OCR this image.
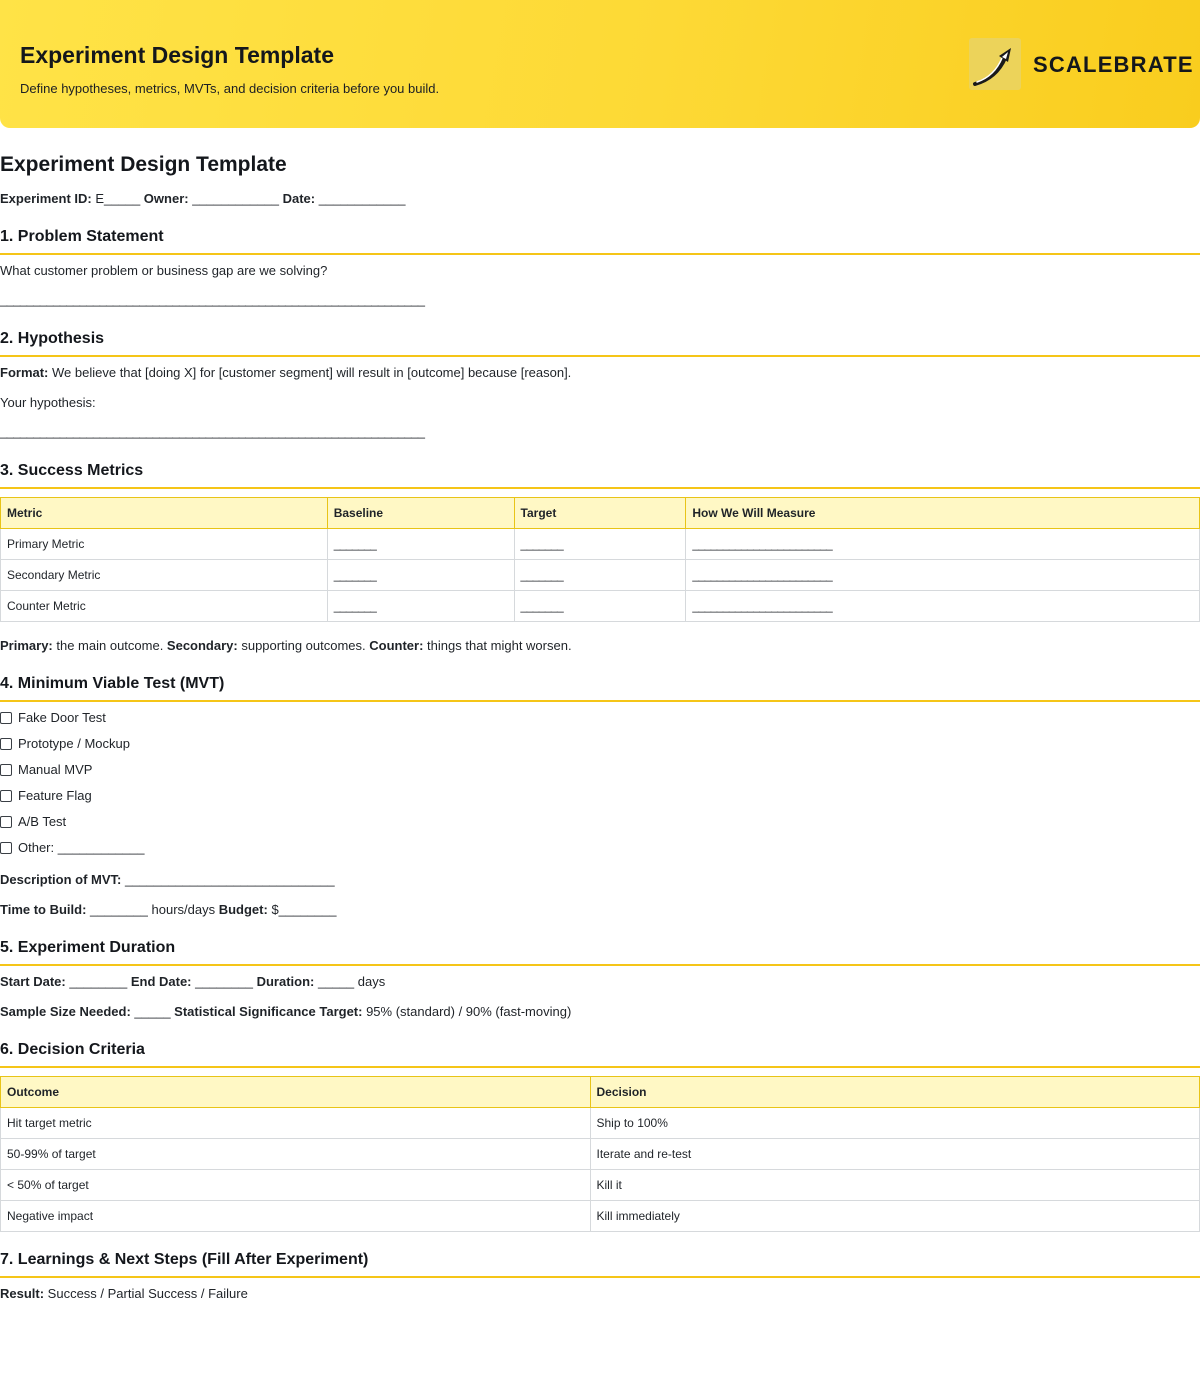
Experiment Design Template
Define hypotheses, metrics, MVTs, and decision criteria before you build.
SCALEBRATE
Experiment Design Template
Experiment ID: E_____ Owner: ____________ Date: ____________
1. Problem Statement
What customer problem or business gap are we solving?
________________________________________________________________
2. Hypothesis
Format: We believe that [doing X] for [customer segment] will result in [outcome] because [reason].
Your hypothesis:
________________________________________________________________
3. Success Metrics
Metric	Baseline	Target	How We Will Measure
Primary Metric	_______	_______	_______________________
Secondary Metric	_______	_______	_______________________
Counter Metric	_______	_______	_______________________
Primary: the main outcome. Secondary: supporting outcomes. Counter: things that might worsen.
4. Minimum Viable Test (MVT)
Fake Door Test
Prototype / Mockup
Manual MVP
Feature Flag
A/B Test
Other: ____________
Description of MVT: _____________________________
Time to Build: ________ hours/days Budget: $________
5. Experiment Duration
Start Date: ________ End Date: ________ Duration: _____ days
Sample Size Needed: _____ Statistical Significance Target: 95% (standard) / 90% (fast-moving)
6. Decision Criteria
Outcome	Decision
Hit target metric	Ship to 100%
50-99% of target	Iterate and re-test
< 50% of target	Kill it
Negative impact	Kill immediately
7. Learnings & Next Steps (Fill After Experiment)
Result: Success / Partial Success / Failure
